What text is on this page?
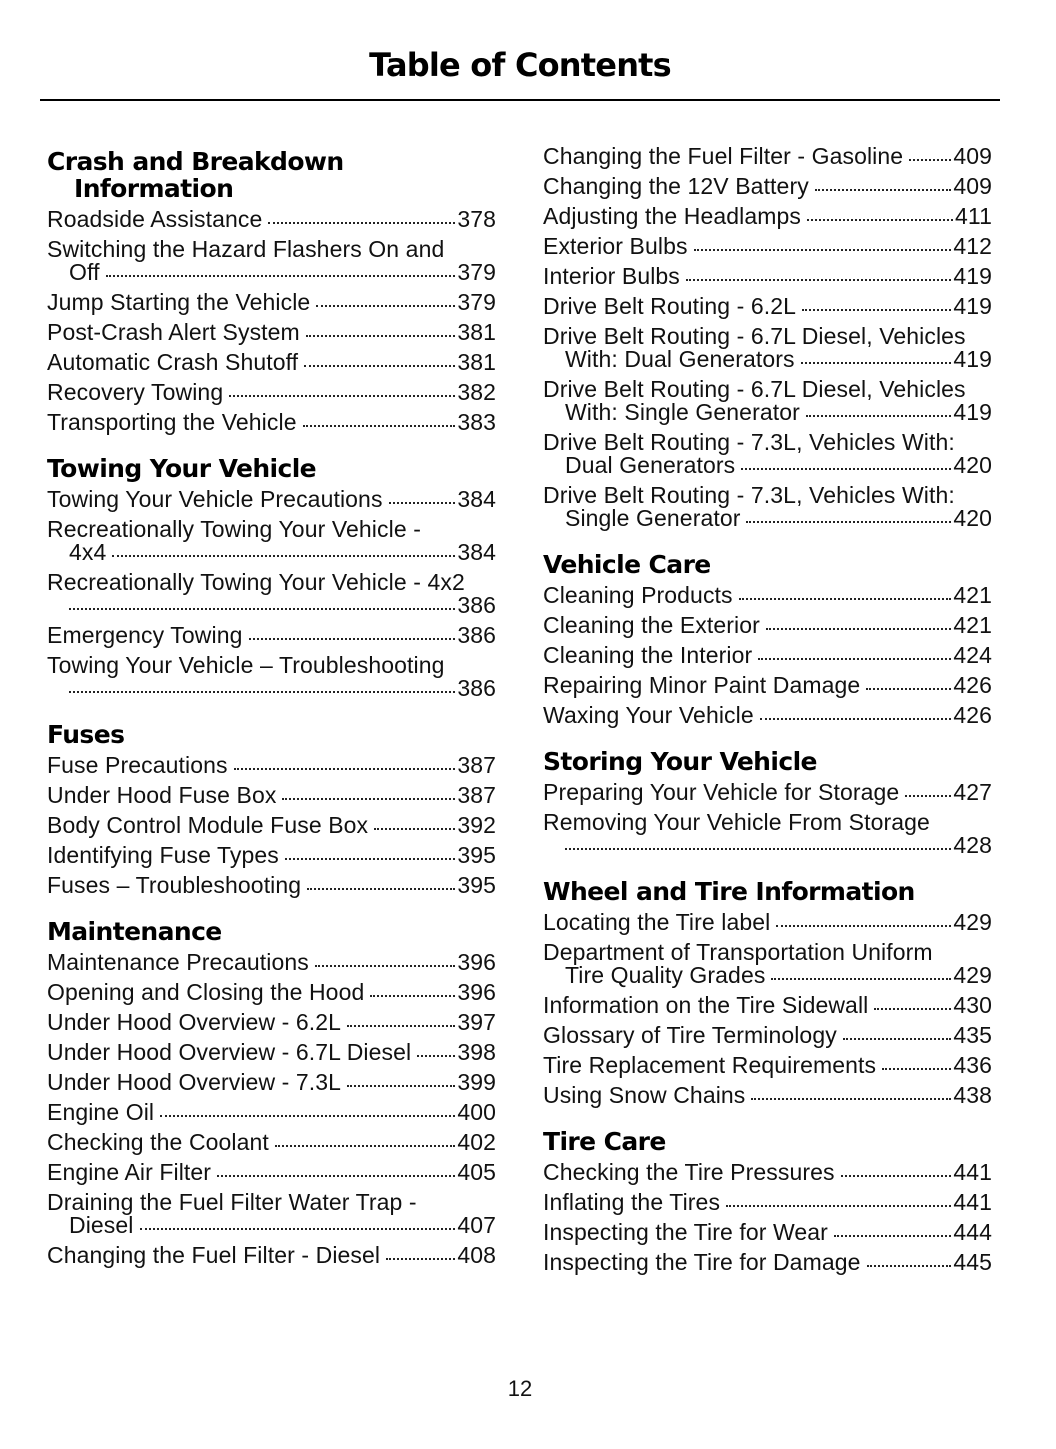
Table of Contents
Crash and Breakdown
Information
Roadside Assistance	378
Switching the Hazard Flashers On and
Off	379
Jump Starting the Vehicle	379
Post-Crash Alert System	381
Automatic Crash Shutoff	381
Recovery Towing	382
Transporting the Vehicle	383
Towing Your Vehicle
Towing Your Vehicle Precautions	384
Recreationally Towing Your Vehicle -
4x4	384
Recreationally Towing Your Vehicle - 4x2
386
Emergency Towing	386
Towing Your Vehicle – Troubleshooting
386
Fuses
Fuse Precautions	387
Under Hood Fuse Box	387
Body Control Module Fuse Box	392
Identifying Fuse Types	395
Fuses – Troubleshooting	395
Maintenance
Maintenance Precautions	396
Opening and Closing the Hood	396
Under Hood Overview - 6.2L	397
Under Hood Overview - 6.7L Diesel 398
Under Hood Overview - 7.3L	399
Engine Oil	400
Checking the Coolant	402
Engine Air Filter	405
Draining the Fuel Filter Water Trap -
Diesel	407
Changing the Fuel Filter - Diesel	408
Changing the Fuel Filter - Gasoline 409
Changing the 12V Battery	409
Adjusting the Headlamps	411
Exterior Bulbs	412
Interior Bulbs	419
Drive Belt Routing - 6.2L	419
Drive Belt Routing - 6.7L Diesel, Vehicles
With: Dual Generators	419
Drive Belt Routing - 6.7L Diesel, Vehicles
With: Single Generator	419
Drive Belt Routing - 7.3L, Vehicles With:
Dual Generators	420
Drive Belt Routing - 7.3L, Vehicles With:
Single Generator	420
Vehicle Care
Cleaning Products	421
Cleaning the Exterior	421
Cleaning the Interior	424
Repairing Minor Paint Damage	426
Waxing Your Vehicle	426
Storing Your Vehicle
Preparing Your Vehicle for Storage 427
Removing Your Vehicle From Storage
428
Wheel and Tire Information
Locating the Tire label	429
Department of Transportation Uniform
Tire Quality Grades	429
Information on the Tire Sidewall	430
Glossary of Tire Terminology	435
Tire Replacement Requirements	436
Using Snow Chains	438
Tire Care
Checking the Tire Pressures	441
Inflating the Tires	441
Inspecting the Tire for Wear	444
Inspecting the Tire for Damage	445
12
